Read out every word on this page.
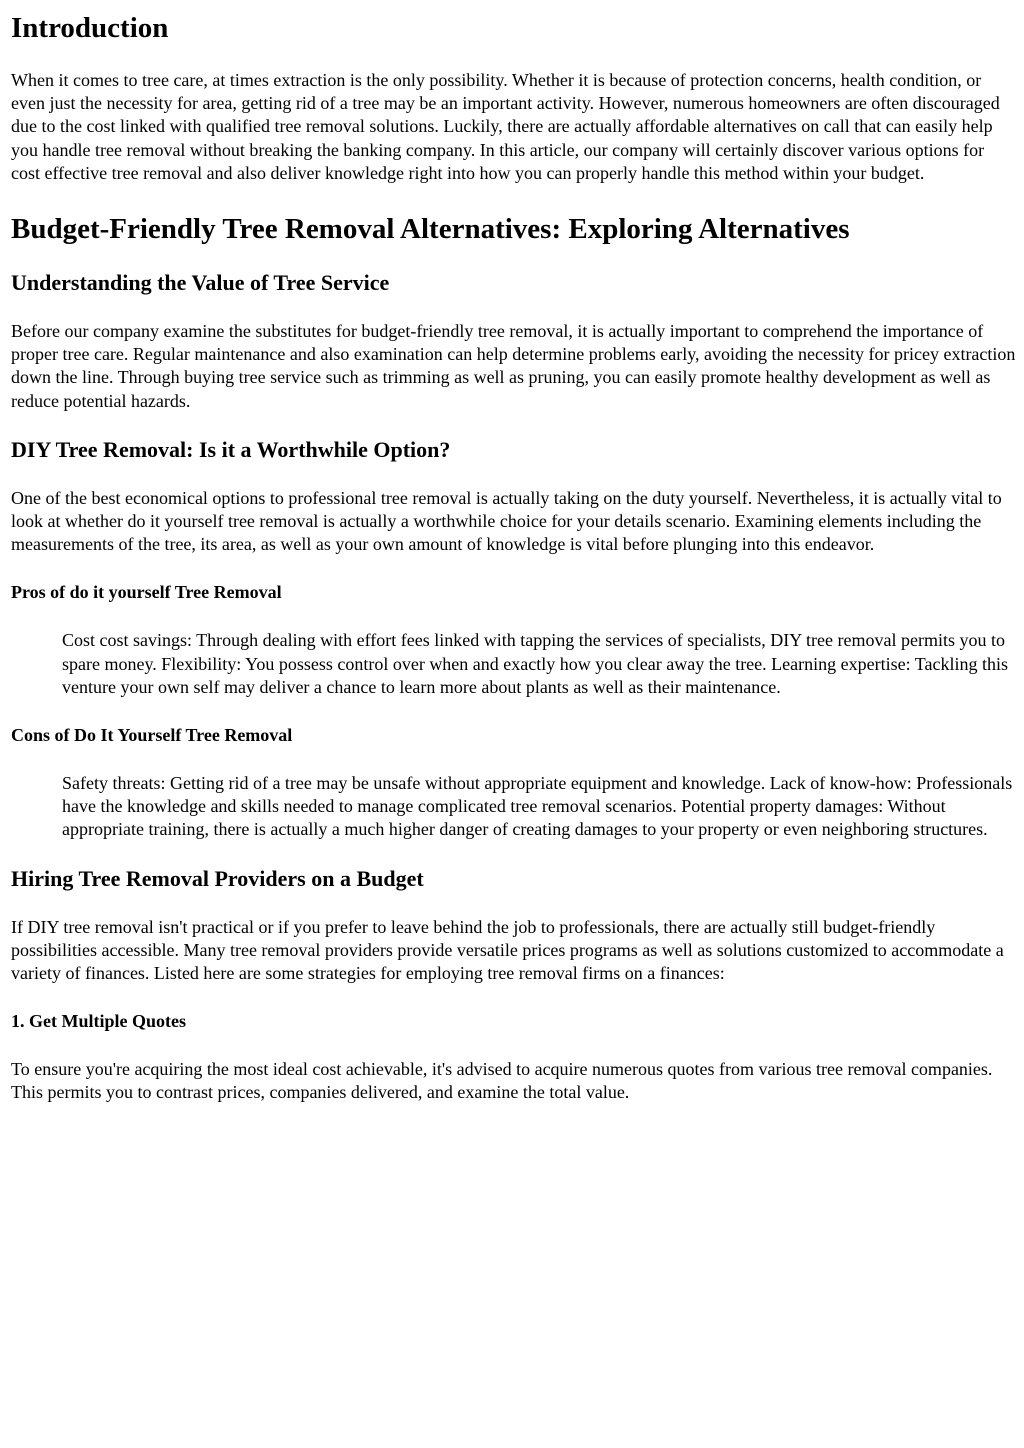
Introduction

When it comes to tree care, at times extraction is the only possibility. Whether it is because of protection concerns, health condition, or even just the necessity for area, getting rid of a tree may be an important activity. However, numerous homeowners are often discouraged due to the cost linked with qualified tree removal solutions. Luckily, there are actually affordable alternatives on call that can easily help you handle tree removal without breaking the banking company. In this article, our company will certainly discover various options for cost effective tree removal and also deliver knowledge right into how you can properly handle this method within your budget.

Budget-Friendly Tree Removal Alternatives: Exploring Alternatives
Understanding the Value of Tree Service

Before our company examine the substitutes for budget-friendly tree removal, it is actually important to comprehend the importance of proper tree care. Regular maintenance and also examination can help determine problems early, avoiding the necessity for pricey extraction down the line. Through buying tree service such as trimming as well as pruning, you can easily promote healthy development as well as reduce potential hazards.

DIY Tree Removal: Is it a Worthwhile Option?

One of the best economical options to professional tree removal is actually taking on the duty yourself. Nevertheless, it is actually vital to look at whether do it yourself tree removal is actually a worthwhile choice for your details scenario. Examining elements including the measurements of the tree, its area, as well as your own amount of knowledge is vital before plunging into this endeavor.

Pros of do it yourself Tree Removal
Cost cost savings: Through dealing with effort fees linked with tapping the services of specialists, DIY tree removal permits you to spare money. Flexibility: You possess control over when and exactly how you clear away the tree. Learning expertise: Tackling this venture your own self may deliver a chance to learn more about plants as well as their maintenance.
Cons of Do It Yourself Tree Removal
Safety threats: Getting rid of a tree may be unsafe without appropriate equipment and knowledge. Lack of know-how: Professionals have the knowledge and skills needed to manage complicated tree removal scenarios. Potential property damages: Without appropriate training, there is actually a much higher danger of creating damages to your property or even neighboring structures.
Hiring Tree Removal Providers on a Budget

If DIY tree removal isn't practical or if you prefer to leave behind the job to professionals, there are actually still budget-friendly possibilities accessible. Many tree removal providers provide versatile prices programs as well as solutions customized to accommodate a variety of finances. Listed here are some strategies for employing tree removal firms on a finances:

1. Get Multiple Quotes

To ensure you're acquiring the most ideal cost achievable, it's advised to acquire numerous quotes from various tree removal companies. This permits you to contrast prices, companies delivered, and examine the total value.
